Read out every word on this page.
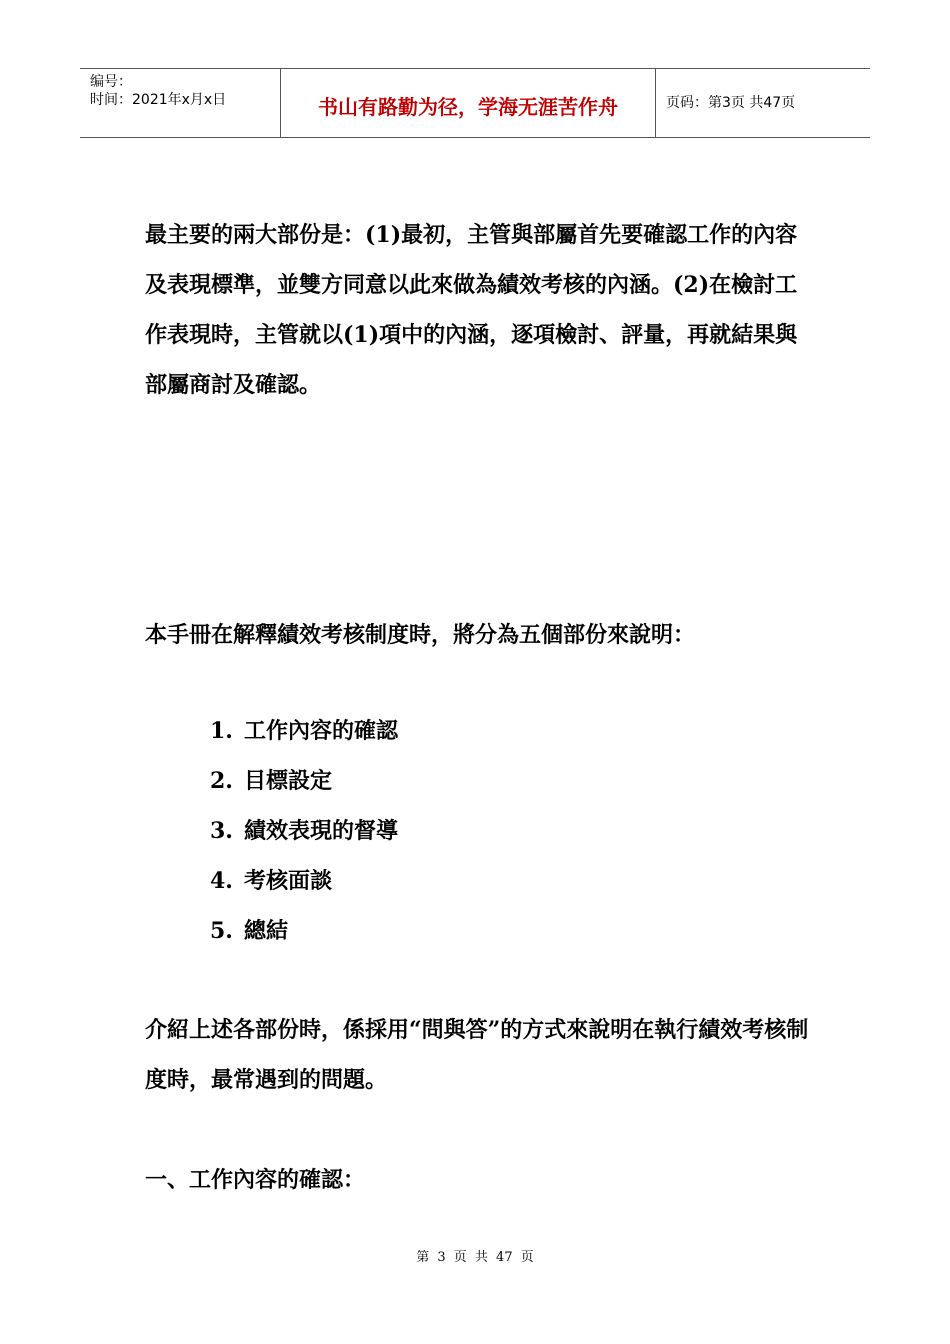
编号：
时间：2021年x月x日	书山有路勤为径，学海无涯苦作舟	页码：第3页 共47页

最主要的兩大部份是：(1)最初，主管與部屬首先要確認工作的內容及表現標準，並雙方同意以此來做為績效考核的內涵。(2)在檢討工作表現時，主管就以(1)項中的內涵，逐項檢討、評量，再就結果與部屬商討及確認。

本手冊在解釋績效考核制度時，將分為五個部份來說明：

1. 工作內容的確認
2. 目標設定
3. 績效表現的督導
4. 考核面談
5. 總結

介紹上述各部份時，係採用“問與答”的方式來說明在執行績效考核制度時，最常遇到的問題。

一、工作內容的確認：

第 3 页 共 47 页
